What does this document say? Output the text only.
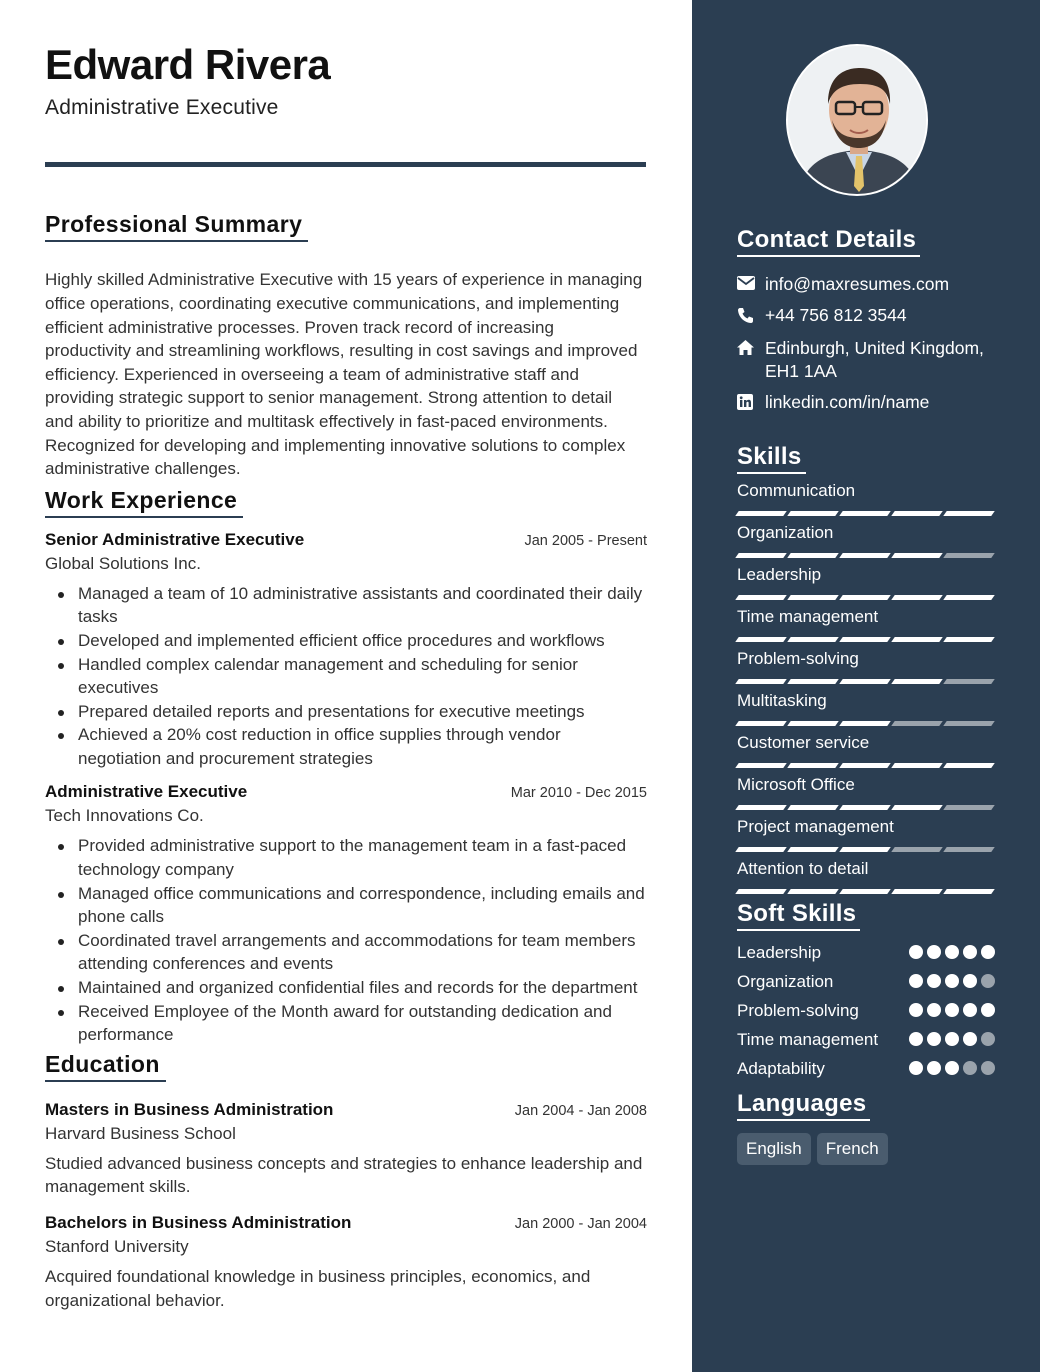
Edward Rivera
Administrative Executive
Professional Summary

Highly skilled Administrative Executive with 15 years of experience in managing office operations, coordinating executive communications, and implementing efficient administrative processes. Proven track record of increasing productivity and streamlining workflows, resulting in cost savings and improved efficiency. Experienced in overseeing a team of administrative staff and providing strategic support to senior management. Strong attention to detail and ability to prioritize and multitask effectively in fast-paced environments. Recognized for developing and implementing innovative solutions to complex administrative challenges.

Work Experience
Senior Administrative Executive	Jan 2005 - Present
Global Solutions Inc.
Managed a team of 10 administrative assistants and coordinated their daily tasks
Developed and implemented efficient office procedures and workflows
Handled complex calendar management and scheduling for senior executives
Prepared detailed reports and presentations for executive meetings
Achieved a 20% cost reduction in office supplies through vendor negotiation and procurement strategies
Administrative Executive	Mar 2010 - Dec 2015
Tech Innovations Co.
Provided administrative support to the management team in a fast-paced technology company
Managed office communications and correspondence, including emails and phone calls
Coordinated travel arrangements and accommodations for team members attending conferences and events
Maintained and organized confidential files and records for the department
Received Employee of the Month award for outstanding dedication and performance
Education
Masters in Business Administration	Jan 2004 - Jan 2008
Harvard Business School

Studied advanced business concepts and strategies to enhance leadership and management skills.

Bachelors in Business Administration	Jan 2000 - Jan 2004
Stanford University

Acquired foundational knowledge in business principles, economics, and organizational behavior.

Contact Details
info@maxresumes.com
+44 756 812 3544
Edinburgh, United Kingdom, EH1 1AA
linkedin.com/in/name
Skills
Communication
Organization
Leadership
Time management
Problem-solving
Multitasking
Customer service
Microsoft Office
Project management
Attention to detail
Soft Skills
Leadership
Organization
Problem-solving
Time management
Adaptability
Languages
English	French
